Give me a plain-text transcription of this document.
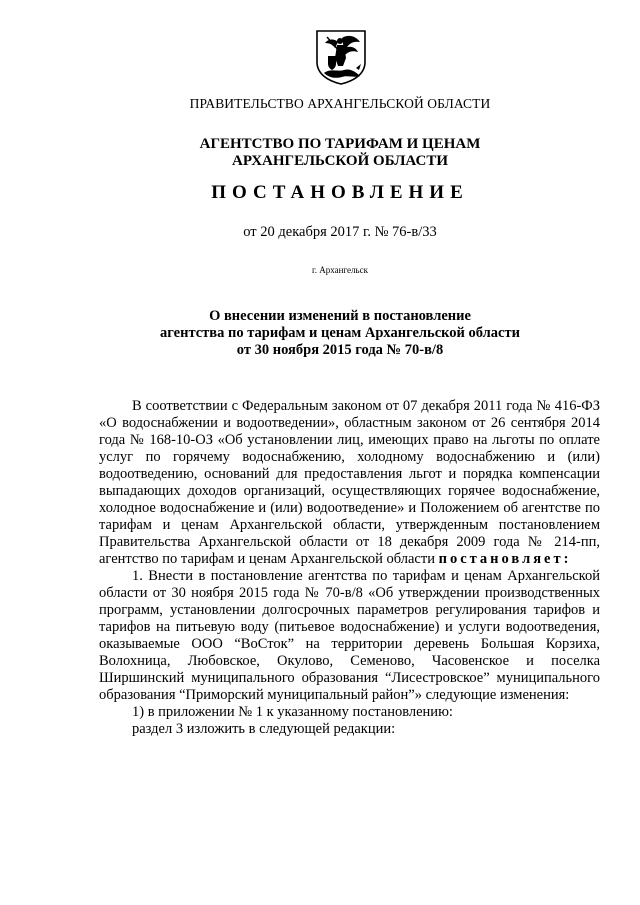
ПРАВИТЕЛЬСТВО АРХАНГЕЛЬСКОЙ ОБЛАСТИ
АГЕНТСТВО ПО ТАРИФАМ И ЦЕНАМ
АРХАНГЕЛЬСКОЙ ОБЛАСТИ
ПОСТАНОВЛЕНИЕ
от 20 декабря 2017 г. № 76-в/33
г. Архангельск
О внесении изменений в постановление
агентства по тарифам и ценам Архангельской области
от 30 ноября 2015 года № 70-в/8

В соответствии с Федеральным законом от 07 декабря 2011 года № 416-ФЗ «О водоснабжении и водоотведении», областным законом от 26 сентября 2014 года № 168-10-ОЗ «Об установлении лиц, имеющих право на льготы по оплате услуг по горячему водоснабжению, холодному водоснабжению и (или) водоотведению, оснований для предоставления льгот и порядка компенсации выпадающих доходов организаций, осуществляющих горячее водоснабжение, холодное водоснабжение и (или) водоотведение» и Положением об агентстве по тарифам и ценам Архангельской области, утвержденным постановлением Правительства Архангельской области от 18 декабря 2009 года № 214-пп, агентство по тарифам и ценам Архангельской области постановляет:

1. Внести в постановление агентства по тарифам и ценам Архангельской области от 30 ноября 2015 года № 70-в/8 «Об утверждении производственных программ, установлении долгосрочных параметров регулирования тарифов и тарифов на питьевую воду (питьевое водоснабжение) и услуги водоотведения, оказываемые ООО “ВоСток” на территории деревень Большая Корзиха, Волохница, Любовское, Окулово, Семеново, Часовенское и поселка Ширшинский муниципального образования “Лисестровское” муниципального образования “Приморский муниципальный район”» следующие изменения:

1) в приложении № 1 к указанному постановлению:

раздел 3 изложить в следующей редакции:
